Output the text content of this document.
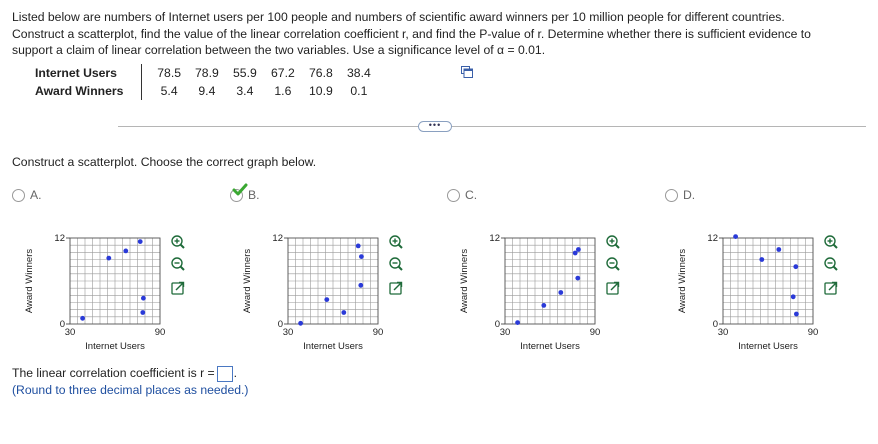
Listed below are numbers of Internet users per 100 people and numbers of scientific award winners per 10 million people for different countries.

Construct a scatterplot, find the value of the linear correlation coefficient r, and find the P-value of r. Determine whether there is sufficient evidence to

support a claim of linear correlation between the two variables. Use a significance level of α = 0.01.

Internet Users	78.5	78.9	55.9	67.2	76.8	38.4
Award Winners	5.4	9.4	3.4	1.6	10.9	0.1
•••
Construct a scatterplot. Choose the correct graph below.
A.
12
0
30	90
Internet Users
Award Winners
B.
12
0
30	90
Internet Users
Award Winners
C.
12
0
30	90
Internet Users
Award Winners
D.
12
0
30	90
Internet Users
Award Winners
The linear correlation coefficient is r = .
(Round to three decimal places as needed.)
